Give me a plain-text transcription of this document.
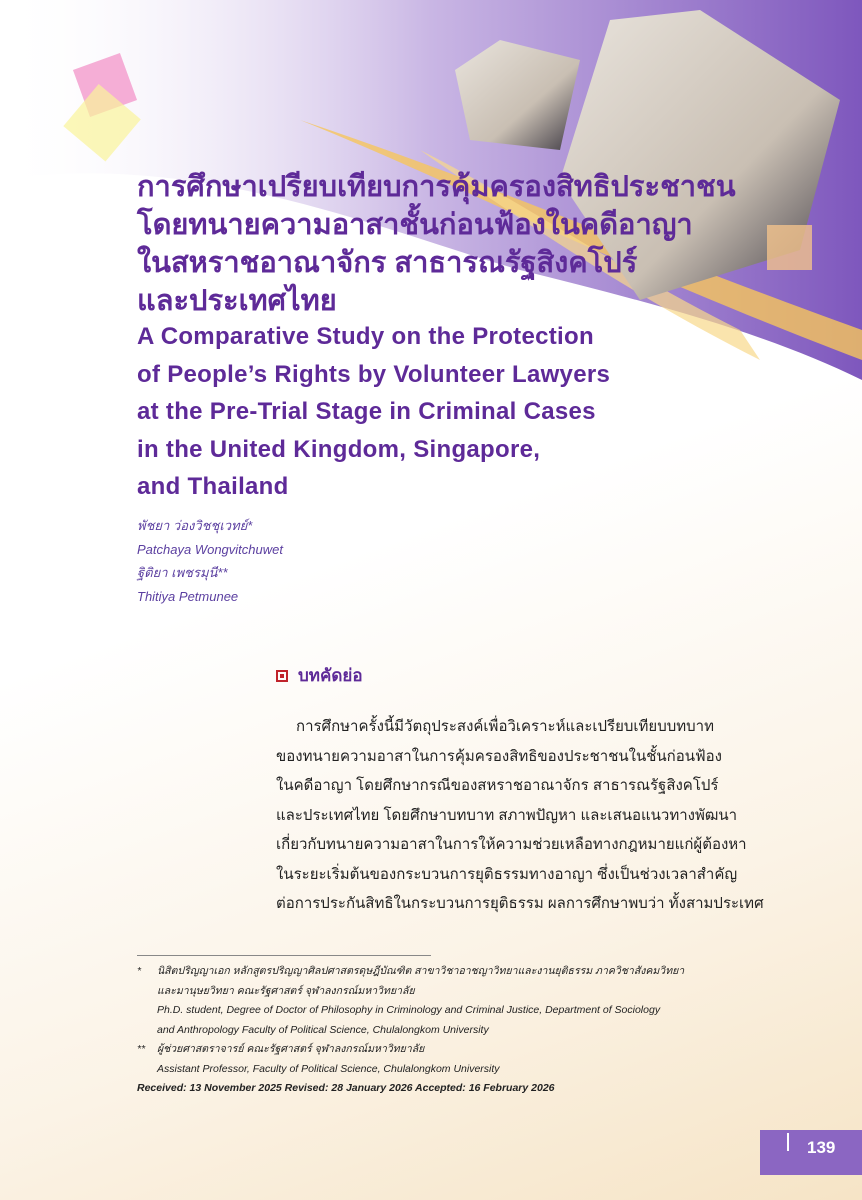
การศึกษาเปรียบเทียบการคุ้มครองสิทธิประชาชน
โดยทนายความอาสาชั้นก่อนฟ้องในคดีอาญา
ในสหราชอาณาจักร สาธารณรัฐสิงคโปร์
และประเทศไทย
A Comparative Study on the Protection
of People’s Rights by Volunteer Lawyers
at the Pre-Trial Stage in Criminal Cases
in the United Kingdom, Singapore,
and Thailand
พัชยา ว่องวิชชุเวทย์*
Patchaya Wongvitchuwet
ฐิติยา เพชรมุนี**
Thitiya Petmunee
บทคัดย่อ
การศึกษาครั้งนี้มีวัตถุประสงค์เพื่อวิเคราะห์และเปรียบเทียบบทบาท
ของทนายความอาสาในการคุ้มครองสิทธิของประชาชนในชั้นก่อนฟ้อง
ในคดีอาญา โดยศึกษากรณีของสหราชอาณาจักร สาธารณรัฐสิงคโปร์
และประเทศไทย โดยศึกษาบทบาท สภาพปัญหา และเสนอแนวทางพัฒนา
เกี่ยวกับทนายความอาสาในการให้ความช่วยเหลือทางกฎหมายแก่ผู้ต้องหา
ในระยะเริ่มต้นของกระบวนการยุติธรรมทางอาญา ซึ่งเป็นช่วงเวลาสำคัญ
ต่อการประกันสิทธิในกระบวนการยุติธรรม ผลการศึกษาพบว่า ทั้งสามประเทศ
*	นิสิตปริญญาเอก หลักสูตรปริญญาศิลปศาสตรดุษฎีบัณฑิต สาขาวิชาอาชญาวิทยาและงานยุติธรรม ภาควิชาสังคมวิทยา
และมานุษยวิทยา คณะรัฐศาสตร์ จุฬาลงกรณ์มหาวิทยาลัย
Ph.D. student, Degree of Doctor of Philosophy in Criminology and Criminal Justice, Department of Sociology
and Anthropology Faculty of Political Science, Chulalongkom University
**	ผู้ช่วยศาสตราจารย์ คณะรัฐศาสตร์ จุฬาลงกรณ์มหาวิทยาลัย
Assistant Professor, Faculty of Political Science, Chulalongkom University
Received: 13 November 2025 Revised: 28 January 2026 Accepted: 16 February 2026
139
